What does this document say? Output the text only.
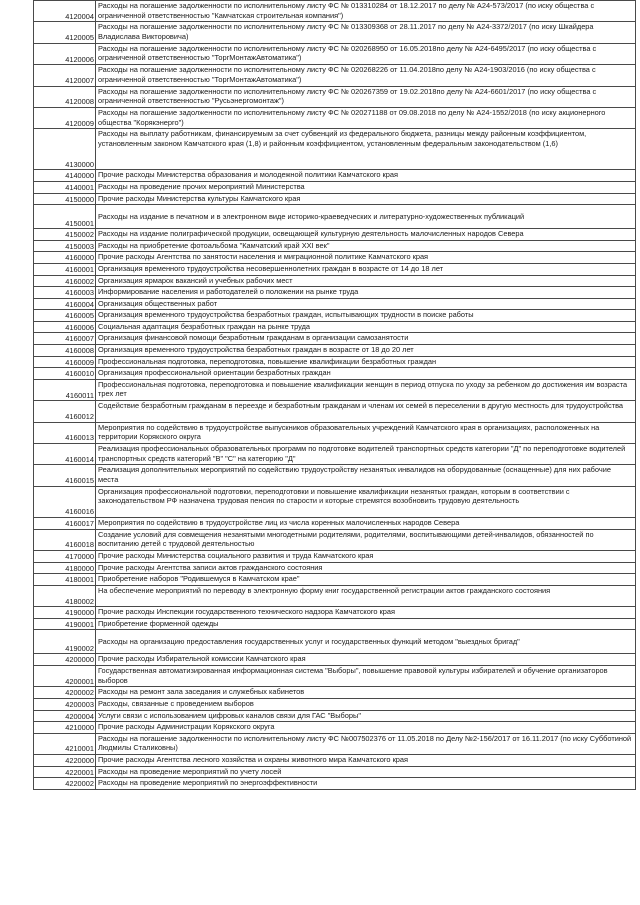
4120004	Расходы на погашение задолженности по исполнительному листу ФС № 013310284 от 18.12.2017 по делу № А24-573/2017 (по иску общества с ограниченной ответственностью "Камчатская строительная компания")
4120005	Расходы на погашение задолженности по исполнительному листу ФС № 013309368 от 28.11.2017 по делу № А24-3372/2017 (по иску Шкайдера Владислава Викторовича)
4120006	Расходы на погашение задолженности по исполнительному листу ФС № 020268950 от 16.05.2018по делу № А24-6495/2017 (по иску общества с ограниченной ответственностью "ТоргМонтажАвтоматика")
4120007	Расходы на погашение задолженности по исполнительному листу ФС № 020268226 от 11.04.2018по делу № А24-1903/2016 (по иску общества с ограниченной ответственностью "ТоргМонтажАвтоматика")
4120008	Расходы на погашение задолженности по исполнительному листу ФС № 020267359 от 19.02.2018по делу № А24-6601/2017 (по иску общества с ограниченной ответственностью "Русьэнергомонтаж")
4120009	Расходы на погашение задолженности по исполнительному листу ФС № 020271188 от 09.08.2018 по делу № А24-1552/2018 (по иску акционерного общества "Корякэнерго")
4130000	Расходы на выплату работникам, финансируемым за счет субвенций из федерального бюджета, разницы между районным коэффициентом, установленным законом Камчатского края (1,8) и районным коэффициентом, установленным федеральным законодательством (1,6)
4140000	Прочие расходы Министерства образования и молодежной политики Камчатского края
4140001	Расходы на проведение прочих мероприятий Министерства
4150000	Прочие расходы Министерства культуры Камчатского края
4150001	Расходы на издание в печатном и в электронном виде историко-краеведческих и литературно-художественных публикаций
4150002	Расходы на издание полиграфической продукции, освещающей культурную деятельность малочисленных народов Севера
4150003	Расходы на приобретение фотоальбома "Камчатский край XXI век"
4160000	Прочие расходы Агентства по занятости населения и миграционной политике Камчатского края
4160001	Организация временного трудоустройства несовершеннолетних граждан в возрасте от 14 до 18 лет
4160002	Организация ярмарок вакансий и учебных рабочих мест
4160003	Информирование населения и работодателей о положении на рынке труда
4160004	Организация общественных работ
4160005	Организация временного трудоустройства безработных граждан, испытывающих трудности в поиске работы
4160006	Социальная адаптация безработных граждан на рынке труда
4160007	Организация финансовой помощи безработным гражданам в организации самозанятости
4160008	Организация временного трудоустройства безработных граждан в возрасте от 18 до 20 лет
4160009	Профессиональная подготовка, переподготовка, повышение квалификации безработных граждан
4160010	Организация профессиональной ориентации безработных граждан
4160011	Профессиональная подготовка, переподготовка и повышение квалификации женщин в период отпуска по уходу за ребенком до достижения им возраста трех лет
4160012	Содействие безработным гражданам в переезде и безработным гражданам и членам их семей в переселении в другую местность для трудоустройства
4160013	Мероприятия по содействию в трудоустройстве выпускников образовательных учреждений Камчатского края в организациях, расположенных на территории Корякского округа
4160014	Реализация профессиональных образовательных программ по подготовке водителей транспортных средств категории "Д" по переподготовке водителей транспортных средств категорий "В" "С" на категорию "Д"
4160015	Реализация дополнительных мероприятий по содействию трудоустройству незанятых инвалидов на оборудованные (оснащенные) для них рабочие места
4160016	Организация профессиональной подготовки, переподготовки и повышение квалификации незанятых граждан, которым в соответствии с законодательством РФ назначена трудовая пенсия по старости и которые стремятся возобновить трудовую деятельность
4160017	Мероприятия по содействию в трудоустройстве лиц из числа коренных малочисленных народов Севера
4160018	Создание условий для совмещения незанятыми многодетными родителями, родителями, воспитывающими детей-инвалидов, обязанностей по воспитанию детей с трудовой деятельностью
4170000	Прочие расходы Министерства социального развития и труда Камчатского края
4180000	Прочие расходы Агентства записи актов гражданского состояния
4180001	Приобретение наборов "Родившемуся в Камчатском крае"
4180002	На обеспечение мероприятий по переводу в электронную форму книг государственной регистрации актов гражданского состояния
4190000	Прочие расходы Инспекции государственного технического надзора Камчатского края
4190001	Приобретение форменной одежды
4190002	Расходы на организацию предоставления государственных услуг и государственных функций методом "выездных бригад"
4200000	Прочие расходы Избирательной комиссии Камчатского края
4200001	Государственная автоматизированная информационная система "Выборы", повышение правовой культуры избирателей и обучение организаторов выборов
4200002	Расходы на ремонт зала заседания и служебных кабинетов
4200003	Расходы, связанные с проведением выборов
4200004	Услуги связи с использованием цифровых каналов связи для ГАС "Выборы"
4210000	Прочие расходы Администрации Корякского округа
4210001	Расходы на погашение задолженности по исполнительному листу ФС №007502376 от 11.05.2018 по Делу №2-156/2017 от 16.11.2017 (по иску Субботиной Людмилы Сталиковны)
4220000	Прочие расходы Агентства лесного хозяйства и охраны животного мира Камчатского края
4220001	Расходы на проведение мероприятий по учету лосей
4220002	Расходы на проведение мероприятий по энергоэффективности
